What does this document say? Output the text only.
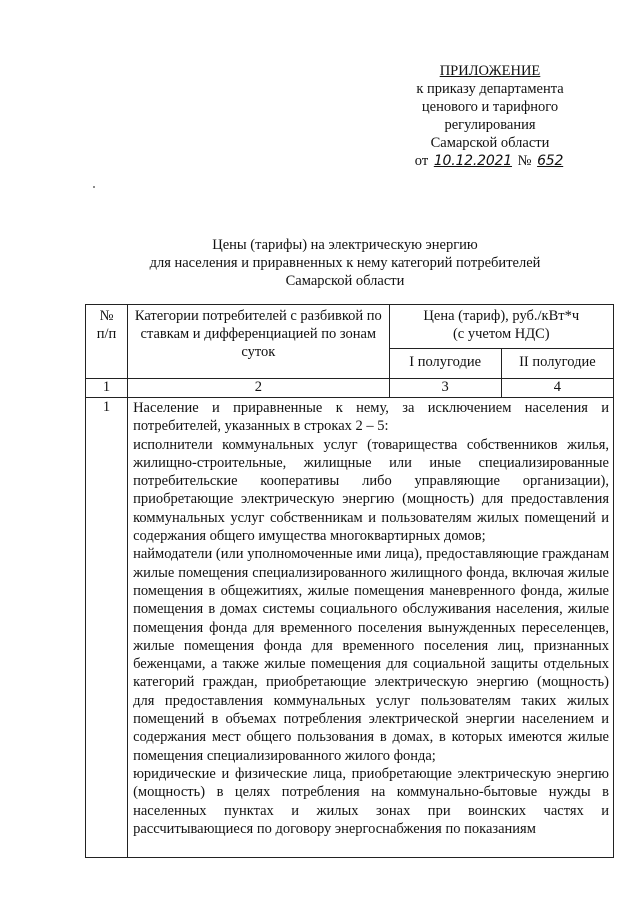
ПРИЛОЖЕНИЕ
к приказу департамента
ценового и тарифного
регулирования
Самарской области
от
10.12.2021
№
652
Цены (тарифы) на электрическую энергию
для населения и приравненных к нему категорий потребителей
Самарской области
№ п/п	Категории потребителей с разбивкой по ставкам и дифференциацией по зонам суток	Цена (тариф), руб./кВт*ч (с учетом НДС)	
		I полугодие	II полугодие
1	2	3	4
1	Население и приравненные к нему, за исключением населения и потребителей, указанных в строках 2 – 5:
исполнители коммунальных услуг (товарищества собственников жилья, жилищно-строительные, жилищные или иные специализированные потребительские кооперативы либо управляющие организации), приобретающие электрическую энергию (мощность) для предоставления коммунальных услуг собственникам и пользователям жилых помещений и содержания общего имущества многоквартирных домов;
наймодатели (или уполномоченные ими лица), предоставляющие гражданам жилые помещения специализированного жилищного фонда, включая жилые помещения в общежитиях, жилые помещения маневренного фонда, жилые помещения в домах системы социального обслуживания населения, жилые помещения фонда для временного поселения вынужденных переселенцев, жилые помещения фонда для временного поселения лиц, признанных беженцами, а также жилые помещения для социальной защиты отдельных категорий граждан, приобретающие электрическую энергию (мощность) для предоставления коммунальных услуг пользователям таких жилых помещений в объемах потребления электрической энергии населением и содержания мест общего пользования в домах, в которых имеются жилые помещения специализированного жилого фонда;
юридические и физические лица, приобретающие электрическую энергию (мощность) в целях потребления на коммунально-бытовые нужды в населенных пунктах и жилых зонах при воинских частях и рассчитывающиеся по договору энергоснабжения по показаниям		
